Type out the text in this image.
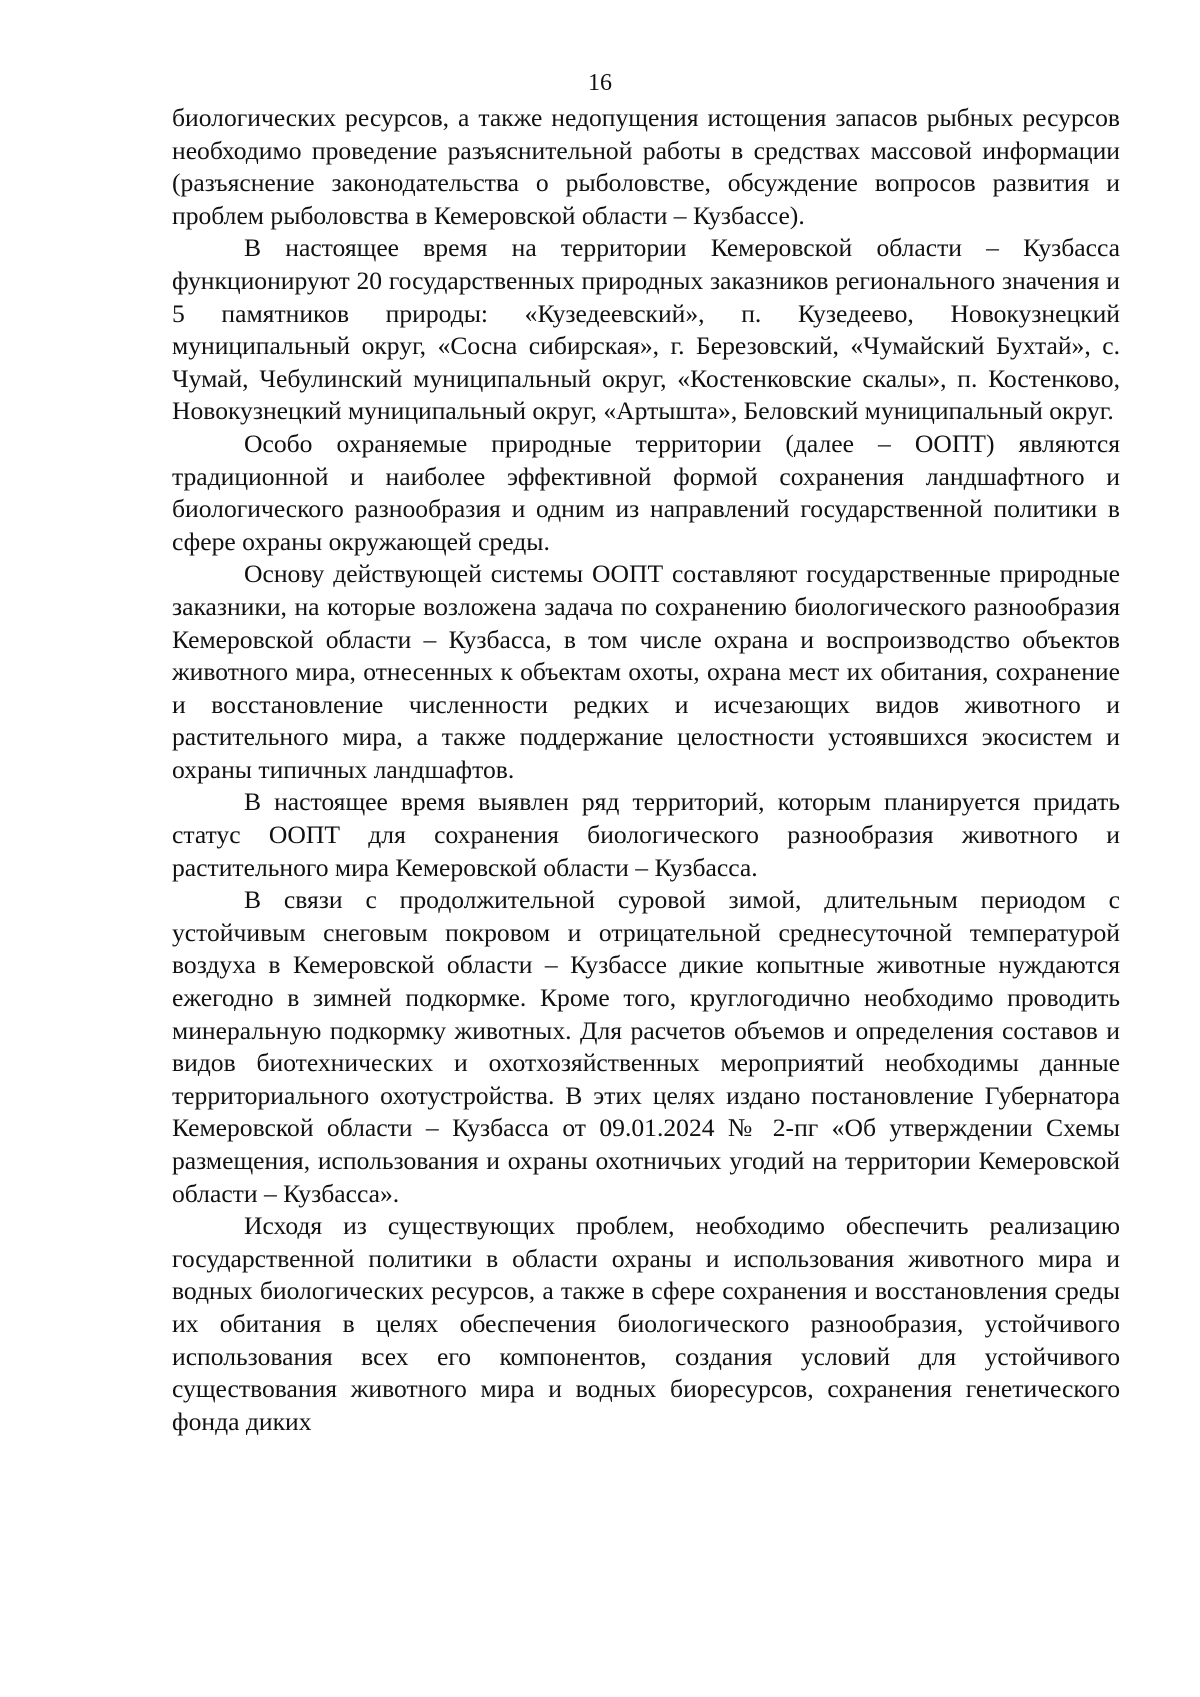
16

биологических ресурсов, а также недопущения истощения запасов рыбных ресурсов необходимо проведение разъяснительной работы в средствах массовой информации (разъяснение законодательства о рыболовстве, обсуждение вопросов развития и проблем рыболовства в Кемеровской области – Кузбассе).

В настоящее время на территории Кемеровской области – Кузбасса функционируют 20 государственных природных заказников регионального значения и 5 памятников природы: «Кузедеевский», п. Кузедеево, Новокузнецкий муниципальный округ, «Сосна сибирская», г. Березовский, «Чумайский Бухтай», с. Чумай, Чебулинский муниципальный округ, «Костенковские скалы», п. Костенково, Новокузнецкий муниципальный округ, «Артышта», Беловский муниципальный округ.

Особо охраняемые природные территории (далее – ООПТ) являются традиционной и наиболее эффективной формой сохранения ландшафтного и биологического разнообразия и одним из направлений государственной политики в сфере охраны окружающей среды.

Основу действующей системы ООПТ составляют государственные природные заказники, на которые возложена задача по сохранению биологического разнообразия Кемеровской области – Кузбасса, в том числе охрана и воспроизводство объектов животного мира, отнесенных к объектам охоты, охрана мест их обитания, сохранение и восстановление численности редких и исчезающих видов животного и растительного мира, а также поддержание целостности устоявшихся экосистем и охраны типичных ландшафтов.

В настоящее время выявлен ряд территорий, которым планируется придать статус ООПТ для сохранения биологического разнообразия животного и растительного мира Кемеровской области – Кузбасса.

В связи с продолжительной суровой зимой, длительным периодом с устойчивым снеговым покровом и отрицательной среднесуточной температурой воздуха в Кемеровской области – Кузбассе дикие копытные животные нуждаются ежегодно в зимней подкормке. Кроме того, круглогодично необходимо проводить минеральную подкормку животных. Для расчетов объемов и определения составов и видов биотехнических и охотхозяйственных мероприятий необходимы данные территориального охотустройства. В этих целях издано постановление Губернатора Кемеровской области – Кузбасса от 09.01.2024 № 2-пг «Об утверждении Схемы размещения, использования и охраны охотничьих угодий на территории Кемеровской области – Кузбасса».

Исходя из существующих проблем, необходимо обеспечить реализацию государственной политики в области охраны и использования животного мира и водных биологических ресурсов, а также в сфере сохранения и восстановления среды их обитания в целях обеспечения биологического разнообразия, устойчивого использования всех его компонентов, создания условий для устойчивого существования животного мира и водных биоресурсов, сохранения генетического фонда диких
